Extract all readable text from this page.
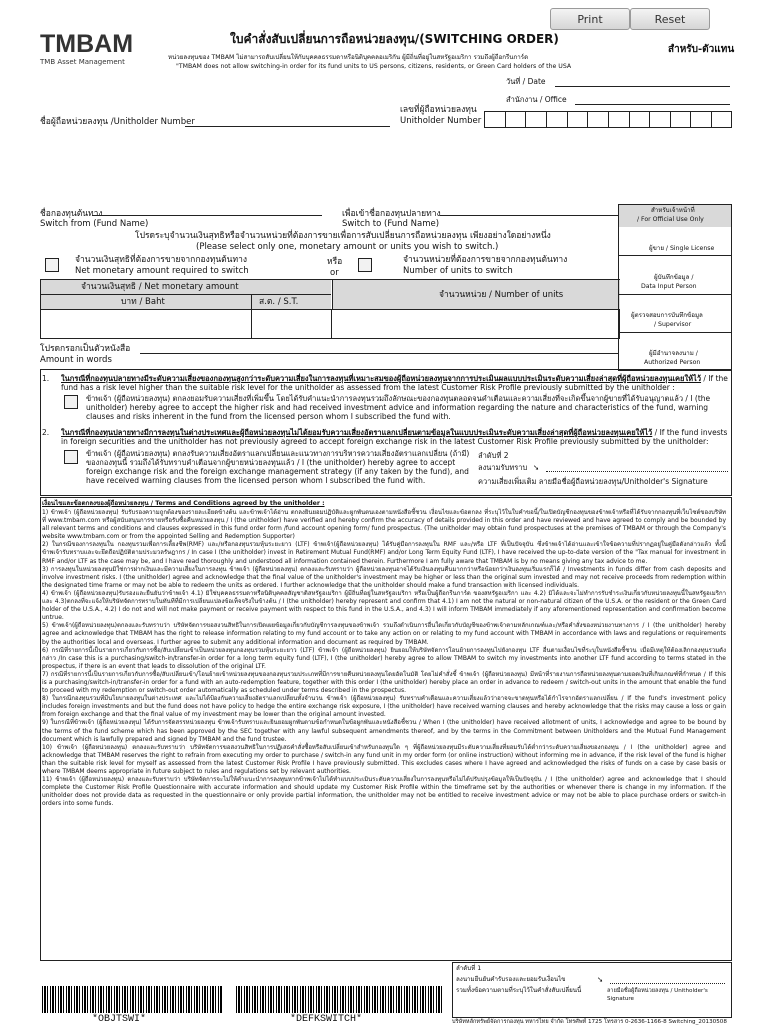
Print	Reset
TMBAM
TMB Asset Management
ใบคำสั่งสับเปลี่ยนการถือหน่วยลงทุน/(SWITCHING ORDER)
สำหรับ-ตัวแทน
หน่วยลงทุนของ TMBAM ไม่สามารถสับเปลี่ยนให้กับบุคคลธรรมดาหรือนิติบุคคลอเมริกัน ผู้มีถิ่นที่อยู่ในสหรัฐอเมริกา รวมถึงผู้ถือกรีนการ์ด
"TMBAM does not allow switching-in order for its fund units to US persons, citizens, residents, or Green Card holders of the USA
วันที่ / Date
สำนักงาน / Office
เลขที่ผู้ถือหน่วยลงทุน
Unitholder Number
ชื่อผู้ถือหน่วยลงทุน /Unitholder Number
ชื่อกองทุนต้นทาง
Switch from (Fund Name)
เพื่อเข้าชื่อกองทุนปลายทาง
Switch to (Fund Name)
โปรดระบุจำนวนเงินสุทธิหรือจำนวนหน่วยที่ต้องการขายเพื่อการสับเปลี่ยนการถือหน่วยลงทุน เพียงอย่างใดอย่างหนึ่ง
(Please select only one, monetary amount or units you wish to switch.)
จำนวนเงินสุทธิที่ต้องการขายจากกองทุนต้นทาง
Net monetary amount required to switch
หรือ
or
จำนวนหน่วยที่ต้องการขายจากกองทุนต้นทาง
Number of units to switch
จำนวนเงินสุทธิ / Net monetary amount
บาท / Baht	ส.ต. / S.T.
จำนวนหน่วย / Number of units
โปรดกรอกเป็นตัวหนังสือ
Amount in words
สำหรับเจ้าหน้าที่
/ For Official Use Only
ผู้ขาย / Single License
ผู้บันทึกข้อมูล /
Data Input Person
ผู้ตรวจสอบการบันทึกข้อมูล
/ Supervisor
ผู้มีอำนาจลงนาม /
Authorized Person
1. ในกรณีที่กองทุนปลายทางมีระดับความเสี่ยงของกองทุนสูงกว่าระดับความเสี่ยงในการลงทุนที่เหมาะสมของผู้ถือหน่วยลงทุนจากการประเมินผลแบบประเมินระดับความเสี่ยงล่าสุดที่ผู้ถือหน่วยลงทุนเคยให้ไว้ / If the fund has a risk level higher than the suitable risk level for the unitholder as assessed from the latest Customer Risk Profile previously submitted by the unitholder :
ข้าพเจ้า (ผู้ถือหน่วยลงทุน) ตกลงยอมรับความเสี่ยงที่เพิ่มขึ้น โดยได้รับคำแนะนำการลงทุนรวมถึงลักษณะของกองทุนตลอดจนคำเตือนและความเสี่ยงที่จะเกิดขึ้นจากผู้ขายที่ได้รับอนุญาตแล้ว / I (the unitholder) hereby agree to accept the higher risk and had received investment advice and information regarding the nature and characteristics of the fund, warning clauses and risks inherent in the fund from the licensed person whom I subscribed the fund with.
2. ในกรณีที่กองทุนปลายทางมีการลงทุนในต่างประเทศและผู้ถือหน่วยลงทุนไม่ได้ยอมรับความเสี่ยงอัตราแลกเปลี่ยนตามข้อมูลในแบบประเมินระดับความเสี่ยงล่าสุดที่ผู้ถือหน่วยลงทุนเคยให้ไว้ / If the fund invests in foreign securities and the unitholder has not previously agreed to accept foreign exchange risk in the latest Customer Risk Profile previously submitted by the unitholder:
ข้าพเจ้า (ผู้ถือหน่วยลงทุน) ตกลงรับความเสี่ยงอัตราแลกเปลี่ยนและแนวทางการบริหารความเสี่ยงอัตราแลกเปลี่ยน (ถ้ามี) ของกองทุนนี้ รวมถึงได้รับทราบคำเตือนจากผู้ขายหน่วยลงทุนแล้ว / I (the unitholder) hereby agree to accept foreign exchange risk and the foreign exchange management strategy (if any taken by the fund), and have received warning clauses from the licensed person whom I subscribed the fund with.
ลำดับที่ 2
ลงนามรับทราบ ➘
ความเสี่ยงเพิ่มเติม ลายมือชื่อผู้ถือหน่วยลงทุน/Unitholder's Signature
เงื่อนไขและข้อตกลงของผู้ถือหน่วยลงทุน / Terms and Conditions agreed by the unitholder :
1) ข้าพเจ้า (ผู้ถือหน่วยลงทุน) รับรับรองความถูกต้องของรายละเอียดข้างต้น และข้าพเจ้าได้อ่าน ตกลงยินยอมปฏิบัติและผูกพันตนเองตามหนังสือชี้ชวน เงื่อนไขและข้อตกลง ที่ระบุไว้ในใบคำขอนี้/ในเปิดบัญชีกองทุนของข้าพเจ้าหรือที่ได้รับจากกองทุนที่เว็บไซต์ของบริษัท ที่ www.tmbam.com หรือผู้สนับสนุนการขายหรือรับซื้อคืนหน่วยลงทุน / I (the unitholder) have verified and hereby confirm the accuracy of details provided in this order and have reviewed and have agreed to comply and be bounded by all relevant terms and conditions and clauses expressed in this fund order form /fund account opening form/ fund prospectus. (The unitholder may obtain fund prospectuses at the premises of TMBAM or through the Company's website www.tmbam.com or from the appointed Selling and Redemption Supporter)
2) ในกรณีของการลงทุนใน กองทุนรวมเพื่อการเลี้ยงชีพ(RMF) และ/หรือกองทุนรวมหุ้นระยะยาว (LTF) ข้าพเจ้า(ผู้ถือหน่วยลงทุน) ได้รับคู่มือการลงทุนใน RMF และ/หรือ LTF ที่เป็นปัจจุบัน ซึ่งข้าพเจ้าได้อ่านและเข้าใจข้อความที่ปรากฏอยู่ในคู่มือดังกล่าวแล้ว ทั้งนี้ ข้าพเจ้ารับทราบและจะยึดถือปฏิบัติตามประมวลรัษฎากร / In case I (the unitholder) invest in Retirement Mutual Fund(RMF) and/or Long Term Equity Fund (LTF), I have received the up-to-date version of the "Tax manual for investment in RMF and/or LTF as the case may be, and I have read thoroughly and understood all information contained therein. Furthermore I am fully aware that TMBAM is by no means giving any tax advice to me.
3) การลงทุนในหน่วยลงทุนมิใช่การฝากเงินและมีความเสี่ยงในการลงทุน ข้าพเจ้า (ผู้ถือหน่วยลงทุน) ตกลงและรับทราบว่า ผู้ถือหน่วยลงทุนอาจได้รับเงินลงทุนคืนมากกว่าหรือน้อยกว่าเงินลงทุนเริ่มแรกก็ได้ / Investments in funds differ from cash deposits and involve investment risks. I (the unitholder) agree and acknowledge that the final value of the unitholder's investment may be higher or less than the original sum invested and may not receive proceeds from redemption within the designated time frame or may not be able to redeem the units as ordered. I further acknowledge that the unitholder should make a fund transaction with licensed individuals.
4) ข้าพเจ้า (ผู้ถือหน่วยลงทุน)รับรองและยืนยันว่าข้าพเจ้า 4.1) มิใช่บุคคลธรรมดาหรือนิติบุคคลสัญชาติสหรัฐอเมริกา ผู้มีถิ่นที่อยู่ในสหรัฐอเมริกา หรือเป็นผู้ถือกรีนการ์ด ของสหรัฐอเมริกา และ 4.2) มิได้และจะไม่ทำการรับชำระเงินเกี่ยวกับหน่วยลงทุนนี้ในสหรัฐอเมริกา และ 4.3)ตกลงที่จะแจ้งให้บริษัทจัดการทราบในทันทีที่มีการเปลี่ยนแปลงข้อเท็จจริงในข้างต้น / I (the unitholder) hereby represent and confirm that 4.1) I am not the natural or non-natural citizen of the U.S.A. or the resident or the Green Card holder of the U.S.A., 4.2) I do not and will not make payment or receive payment with respect to this fund in the U.S.A., and 4.3) I will inform TMBAM immediately if any aforementioned representation and confirmation become untrue.
5) ข้าพเจ้า(ผู้ถือหน่วยลงทุน)ตกลงและรับทราบว่า บริษัทจัดการขอสงวนสิทธิในการเปิดเผยข้อมูลเกี่ยวกับบัญชีการลงทุนของข้าพเจ้า รวมถึงดำเนินการอื่นใดเกี่ยวกับบัญชีของข้าพเจ้าตามหลักเกณฑ์และ/หรือคำสั่งของหน่วยงานทางการ / I (the unitholder) hereby agree and acknowledge that TMBAM has the right to release information relating to my fund account or to take any action on or relating to my fund account with TMBAM in accordance with laws and regulations or requirements by the authorities local and overseas. I further agree to submit any additional information and document as required by TMBAM.
6) กรณีที่รายการนี้เป็นรายการเกี่ยวกับการซื้อ/สับเปลี่ยนเข้าเป็นหน่วยลงทุนกองทุนรวมหุ้นระยะยาว (LTF) ข้าพเจ้า (ผู้ถือหน่วยลงทุน) ยินยอมให้บริษัทจัดการโอนย้ายการลงทุนไปยังกองทุน LTF อื่นตามเงื่อนไขที่ระบุในหนังสือชี้ชวน เมื่อมีเหตุให้ต้องเลิกกองทุนรวมดังกล่าว /In case this is a purchasing/switch-in/transfer-in order for a long term equity fund (LTF), I (the unitholder) hereby agree to allow TMBAM to switch my investments into another LTF fund according to terms stated in the prospectus, if there is an event that leads to dissolution of the original LTF.
7) กรณีที่รายการนี้เป็นรายการเกี่ยวกับการซื้อ/สับเปลี่ยนเข้า/โอนย้ายเข้าหน่วยลงทุนของกองทุนรวมประเภทที่มีการขายคืนหน่วยลงทุนโดยอัตโนมัติ โดยไม่คำสั่งชี้ ข้าพเจ้า (ผู้ถือหน่วยลงทุน) มีหน้าที่รายงานการถือหน่วยลงทุนตามยอดเงินที่เกินเกณฑ์ที่กำหนด / If this is a purchasing/switch-in/transfer-in order for a fund with an auto-redemption feature, together with this order I (the unitholder) hereby place an order in advance to redeem / switch-out units in the amount that enable the fund to proceed with my redemption or switch-out order automatically as scheduled under terms described in the prospectus.
8) ในกรณีกองทุนรวมที่มีนโยบายลงทุนในต่างประเทศ และไม่ได้ป้องกันความเสี่ยงอัตราแลกเปลี่ยนทั้งจำนวน ข้าพเจ้า (ผู้ถือหน่วยลงทุน) รับทราบคำเตือนและความเสี่ยงแล้วว่าอาจจะขาดทุนหรือได้กำไรจากอัตราแลกเปลี่ยน / If the fund's investment policy includes foreign investments and but the fund does not have policy to hedge the entire exchange risk exposure, I (the unitholder) have received warning clauses and hereby acknowledge that the risks may cause a loss or gain from foreign exchange and that the final value of my investment may be lower than the original amount invested.
9) ในกรณีที่ข้าพเจ้า (ผู้ถือหน่วยลงทุน) ได้รับการจัดสรรหน่วยลงทุน ข้าพเจ้ารับทราบและยินยอมผูกพันตามข้อกำหนดในข้อผูกพันและหนังสือชี้ชวน / When I (the unitholder) have received allotment of units, I acknowledge and agree to be bound by the terms of the fund scheme which has been approved by the SEC together with any lawful subsequent amendments thereof, and by the terms in the Commitment between Unitholders and the Mutual Fund Management document which is lawfully prepared and signed by TMBAM and the fund trustee.
10) ข้าพเจ้า (ผู้ถือหน่วยลงทุน) ตกลงและรับทราบว่า บริษัทจัดการขอสงวนสิทธิในการปฏิเสธคำสั่งซื้อหรือสับเปลี่ยนเข้าสำหรับกองทุนใด ๆ ที่ผู้ถือหน่วยลงทุนมีระดับความเสี่ยงที่ยอมรับได้ต่ำกว่าระดับความเสี่ยงของกองทุน / I (the unitholder) agree and acknowledge that TMBAM reserves the right to refrain from executing my order to purchase / switch-in any fund unit in my order form (or online instruction) without informing me in advance, if the risk level of the fund is higher than the suitable risk level for myself as assessed from the latest Customer Risk Profile I have previously submitted. This excludes cases where I have agreed and acknowledged the risks of funds on a case by case basis or where TMBAM deems appropriate in future subject to rules and regulations set by relevant authorities.
11) ข้าพเจ้า (ผู้ถือหน่วยลงทุน) ตกลงและรับทราบว่า บริษัทจัดการจะไม่ให้คำแนะนำการลงทุนหากข้าพเจ้าไม่ได้ทำแบบประเมินระดับความเสี่ยงในการลงทุนหรือไม่ได้ปรับปรุงข้อมูลให้เป็นปัจจุบัน / I (the unitholder) agree and acknowledge that I should complete the Customer Risk Profile Questionnaire with accurate information and should update my Customer Risk Profile within the timeframe set by the authorities or whenever there is change in my information. If the unitholder does not provide data as requested in the questionnaire or only provide partial information, the unitholder may not be entitled to receive investment advice or may not be able to place purchase orders or switch-in orders into some funds.
*OBJTSWI*	*DEFKSWITCH*
ลำดับที่ 1
ลงนามยืนยันคำรับรองและยอมรับเงื่อนไข
รวมทั้งข้อความตามที่ระบุไว้ในคำสั่งสับเปลี่ยนนี้
➘
ลายมือชื่อผู้ถือหน่วยลงทุน / Unitholder's Signature
บริษัทหลักทรัพย์จัดการกองทุน ทหารไทย จำกัด โทรศัพท์ 1725 โทรสาร 0-2636-1166-8 Switching_20130508
